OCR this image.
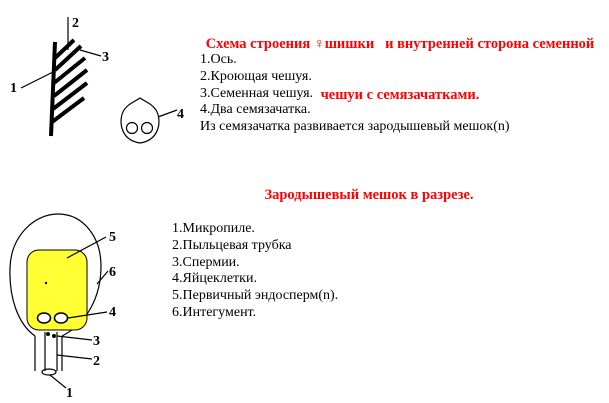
Схема строения ♀шишки   и внутренней сторона семенной

чешуи с семязачатками.

1.Ось.
2.Кроющая чешуя.
3.Семенная чешуя.
4.Два семязачатка.
Из семязачатка развивается зародышевый мешок(n)
2
3
1
4
Зародышевый мешок в разрезе.
1.Микропиле.
2.Пыльцевая трубка
3.Спермии.
4.Яйцеклетки.
5.Первичный эндосперм(n).
6.Интегумент.
5
6
4
3
2
1
